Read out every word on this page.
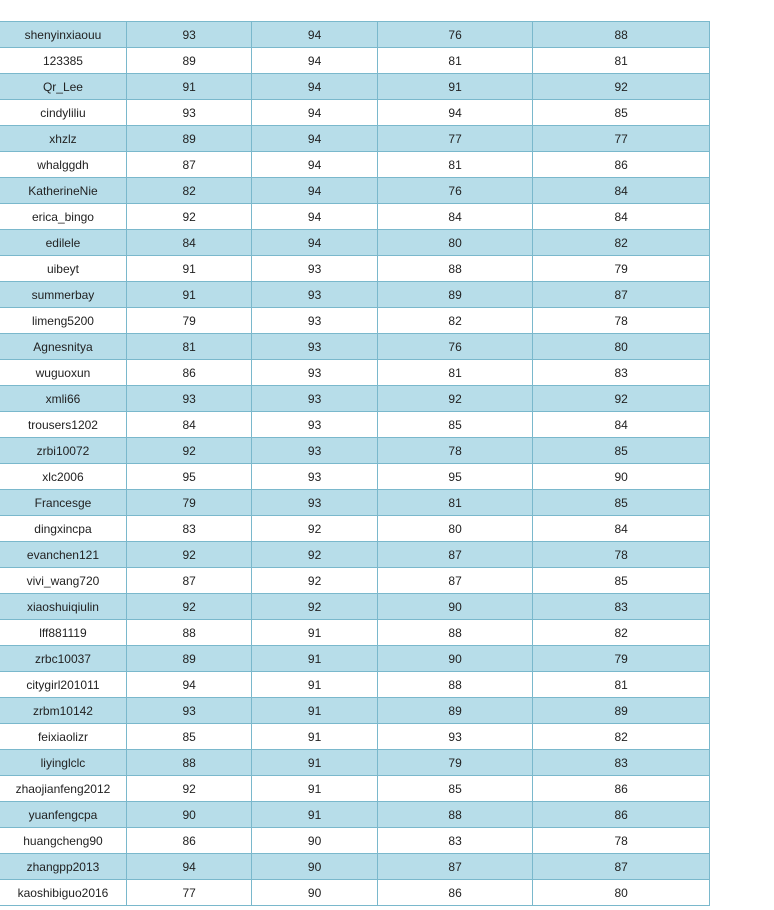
shenyinxiaouu	93	94	76	88
123385	89	94	81	81
Qr_Lee	91	94	91	92
cindyliliu	93	94	94	85
xhzlz	89	94	77	77
whalggdh	87	94	81	86
KatherineNie	82	94	76	84
erica_bingo	92	94	84	84
edilele	84	94	80	82
uibeyt	91	93	88	79
summerbay	91	93	89	87
limeng5200	79	93	82	78
Agnesnitya	81	93	76	80
wuguoxun	86	93	81	83
xmli66	93	93	92	92
trousers1202	84	93	85	84
zrbi10072	92	93	78	85
xlc2006	95	93	95	90
Francesge	79	93	81	85
dingxincpa	83	92	80	84
evanchen121	92	92	87	78
vivi_wang720	87	92	87	85
xiaoshuiqiulin	92	92	90	83
lff881119	88	91	88	82
zrbc10037	89	91	90	79
citygirl201011	94	91	88	81
zrbm10142	93	91	89	89
feixiaolizr	85	91	93	82
liyinglclc	88	91	79	83
zhaojianfeng2012	92	91	85	86
yuanfengcpa	90	91	88	86
huangcheng90	86	90	83	78
zhangpp2013	94	90	87	87
kaoshibiguo2016	77	90	86	80
